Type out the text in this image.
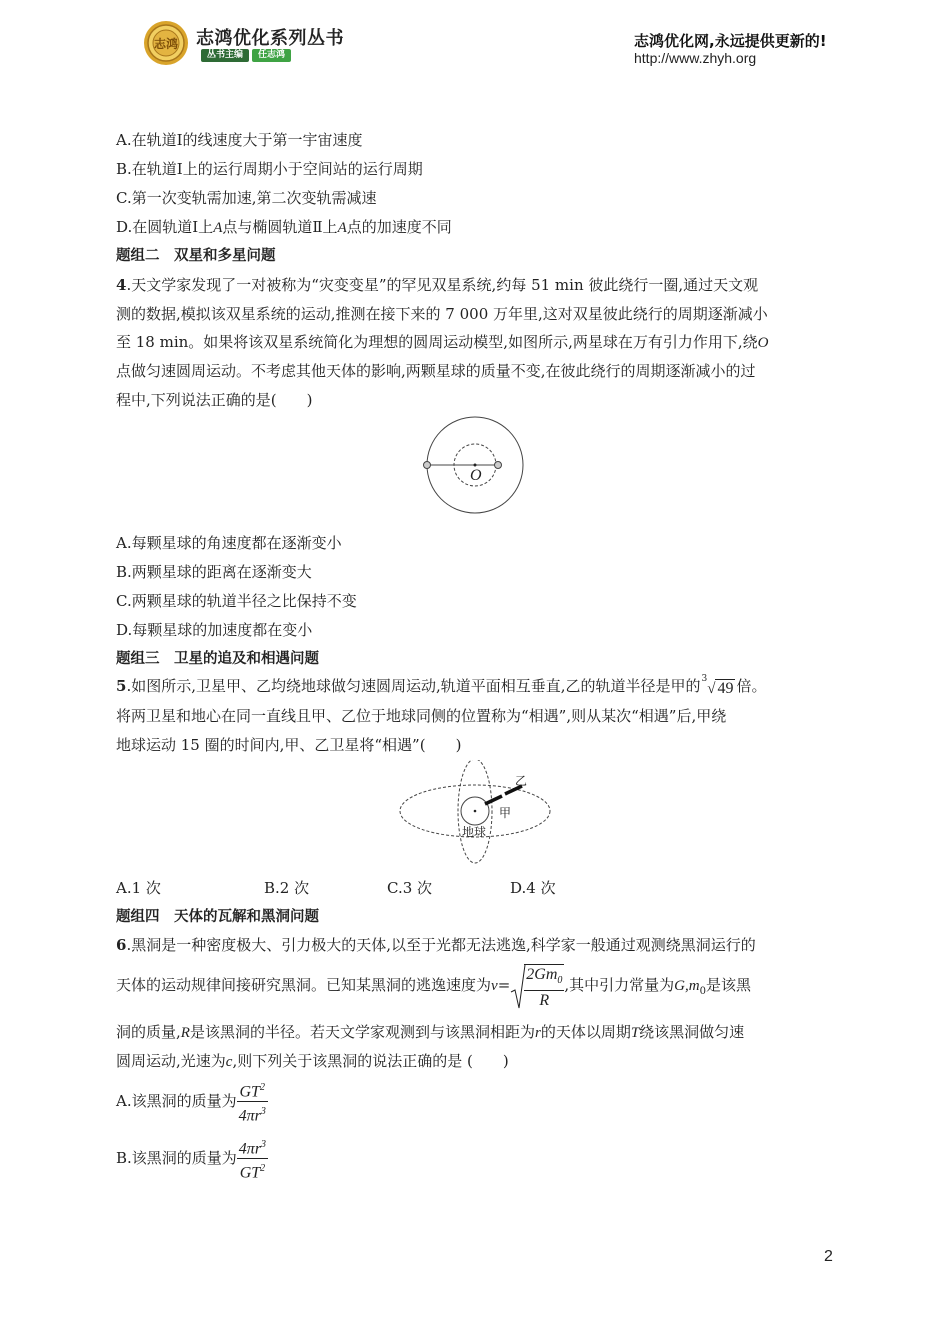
志鸿 志鸿优化系列丛书
丛书主编	任志鸿
志鸿优化网,永远提供更新的!
http://www.zhyh.org
A.在轨道Ⅰ的线速度大于第一宇宙速度
B.在轨道Ⅰ上的运行周期小于空间站的运行周期
C.第一次变轨需加速,第二次变轨需减速
D.在圆轨道Ⅰ上A点与椭圆轨道Ⅱ上A点的加速度不同
题组二　双星和多星问题
4.天文学家发现了一对被称为“灾变变星”的罕见双星系统,约每 51 min 彼此绕行一圈,通过天文观
测的数据,模拟该双星系统的运动,推测在接下来的 7 000 万年里,这对双星彼此绕行的周期逐渐减小
至 18 min。如果将该双星系统简化为理想的圆周运动模型,如图所示,两星球在万有引力作用下,绕O
点做匀速圆周运动。不考虑其他天体的影响,两颗星球的质量不变,在彼此绕行的周期逐渐减小的过
程中,下列说法正确的是(　　)
O
A.每颗星球的角速度都在逐渐变小
B.两颗星球的距离在逐渐变大
C.两颗星球的轨道半径之比保持不变
D.每颗星球的加速度都在变小
题组三　卫星的追及和相遇问题
5.如图所示,卫星甲、乙均绕地球做匀速圆周运动,轨道平面相互垂直,乙的轨道半径是甲的$^3$√ 49 倍。
将两卫星和地心在同一直线且甲、乙位于地球同侧的位置称为“相遇”,则从某次“相遇”后,甲绕
地球运动 15 圈的时间内,甲、乙卫星将“相遇”(　　)
地球
甲
乙
A.1 次	B.2 次	C.3 次	D.4 次
题组四　天体的瓦解和黑洞问题
6.黑洞是一种密度极大、引力极大的天体,以至于光都无法逃逸,科学家一般通过观测绕黑洞运行的
天体的运动规律间接研究黑洞。已知某黑洞的逃逸速度为$v= \frac{2Gm_0}{R}$ ,其中引力常量为$G,m_0$是该黑
洞的质量,R是该黑洞的半径。若天文学家观测到与该黑洞相距为r的天体以周期T绕该黑洞做匀速
圆周运动,光速为c,则下列关于该黑洞的说法正确的是 (　　)
A.该黑洞的质量为 $\frac{GT^2}{4\pi r^3}$
B.该黑洞的质量为 $\frac{4\pi r^3}{GT^2}$
2
